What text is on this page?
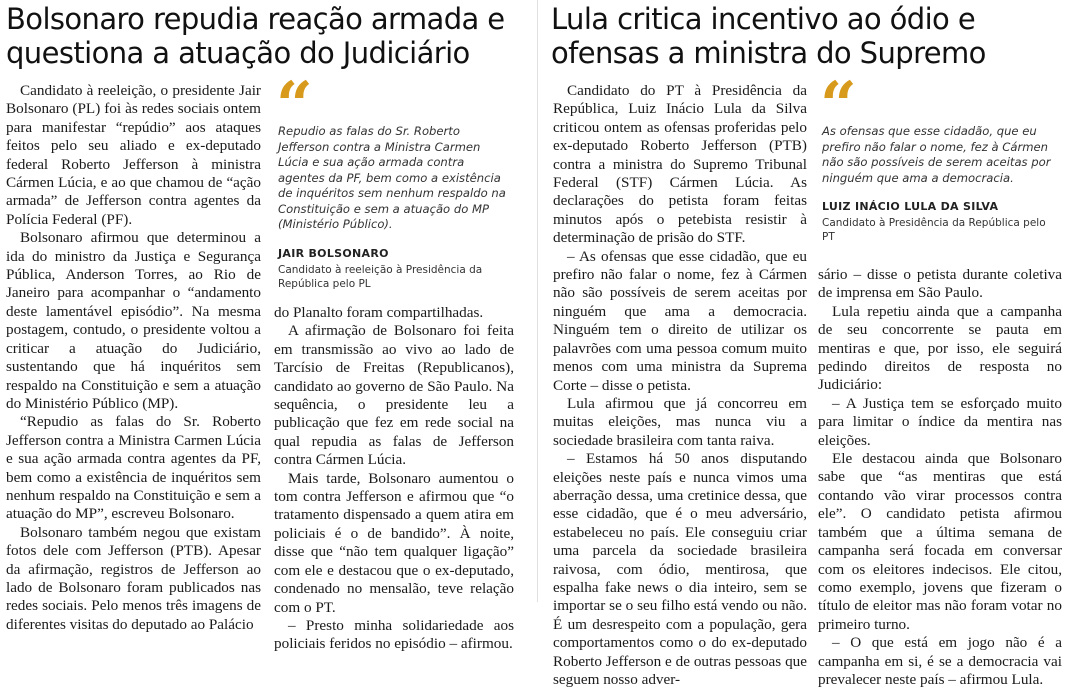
Bolsonaro repudia reação armada e questiona a atuação do Judiciário

Candidato à reeleição, o presidente Jair Bolsonaro (PL) foi às redes sociais ontem para manifestar “repúdio” aos ataques feitos pelo seu aliado e ex-deputado federal Roberto Jefferson à ministra Cármen Lúcia, e ao que chamou de “ação armada” de Jefferson contra agentes da Polícia Federal (PF).

Bolsonaro afirmou que determinou a ida do ministro da Justiça e Segurança Pública, Anderson Torres, ao Rio de Janeiro para acompanhar o “andamento deste lamentável episódio”. Na mesma postagem, contudo, o presidente voltou a criticar a atuação do Judiciário, sustentando que há inquéritos sem respaldo na Constituição e sem a atuação do Ministério Público (MP).

“Repudio as falas do Sr. Roberto Jefferson contra a Ministra Carmen Lúcia e sua ação armada contra agentes da PF, bem como a existência de inquéritos sem nenhum respaldo na Constituição e sem a atuação do MP”, escreveu Bolsonaro.

Bolsonaro também negou que existam fotos dele com Jefferson (PTB). Apesar da afirmação, registros de Jefferson ao lado de Bolsonaro foram publicados nas redes sociais. Pelo menos três imagens de diferentes visitas do deputado ao Palácio

“
Repudio as falas do Sr. Roberto Jefferson contra a Ministra Carmen Lúcia e sua ação armada contra agentes da PF, bem como a existência de inquéritos sem nenhum respaldo na Constituição e sem a atuação do MP (Ministério Público).
JAIR BOLSONARO
Candidato à reeleição à Presidência da República pelo PL

do Planalto foram compartilhadas.

A afirmação de Bolsonaro foi feita em transmissão ao vivo ao lado de Tarcísio de Freitas (Republicanos), candidato ao governo de São Paulo. Na sequência, o presidente leu a publicação que fez em rede social na qual repudia as falas de Jefferson contra Cármen Lúcia.

Mais tarde, Bolsonaro aumentou o tom contra Jefferson e afirmou que “o tratamento dispensado a quem atira em policiais é o de bandido”. À noite, disse que “não tem qualquer ligação” com ele e destacou que o ex-deputado, condenado no mensalão, teve relação com o PT.

– Presto minha solidariedade aos policiais feridos no episódio – afirmou.

Lula critica incentivo ao ódio e ofensas a ministra do Supremo

Candidato do PT à Presidência da República, Luiz Inácio Lula da Silva criticou ontem as ofensas proferidas pelo ex-deputado Roberto Jefferson (PTB) contra a ministra do Supremo Tribunal Federal (STF) Cármen Lúcia. As declarações do petista foram feitas minutos após o petebista resistir à determinação de prisão do STF.

– As ofensas que esse cidadão, que eu prefiro não falar o nome, fez à Cármen não são possíveis de serem aceitas por ninguém que ama a democracia. Ninguém tem o direito de utilizar os palavrões com uma pessoa comum muito menos com uma ministra da Suprema Corte – disse o petista.

Lula afirmou que já concorreu em muitas eleições, mas nunca viu a sociedade brasileira com tanta raiva.

– Estamos há 50 anos disputando eleições neste país e nunca vimos uma aberração dessa, uma cretinice dessa, que esse cidadão, que é o meu adversário, estabeleceu no país. Ele conseguiu criar uma parcela da sociedade brasileira raivosa, com ódio, mentirosa, que espalha fake news o dia inteiro, sem se importar se o seu filho está vendo ou não. É um desrespeito com a população, gera comportamentos como o do ex-deputado Roberto Jefferson e de outras pessoas que seguem nosso adver-

“
As ofensas que esse cidadão, que eu prefiro não falar o nome, fez à Cármen não são possíveis de serem aceitas por ninguém que ama a democracia.
LUIZ INÁCIO LULA DA SILVA
Candidato à Presidência da República pelo PT

sário – disse o petista durante coletiva de imprensa em São Paulo.

Lula repetiu ainda que a campanha de seu concorrente se pauta em mentiras e que, por isso, ele seguirá pedindo direitos de resposta no Judiciário:

– A Justiça tem se esforçado muito para limitar o índice da mentira nas eleições.

Ele destacou ainda que Bolsonaro sabe que “as mentiras que está contando vão virar processos contra ele”. O candidato petista afirmou também que a última semana de campanha será focada em conversar com os eleitores indecisos. Ele citou, como exemplo, jovens que fizeram o título de eleitor mas não foram votar no primeiro turno.

– O que está em jogo não é a campanha em si, é se a democracia vai prevalecer neste país – afirmou Lula.
